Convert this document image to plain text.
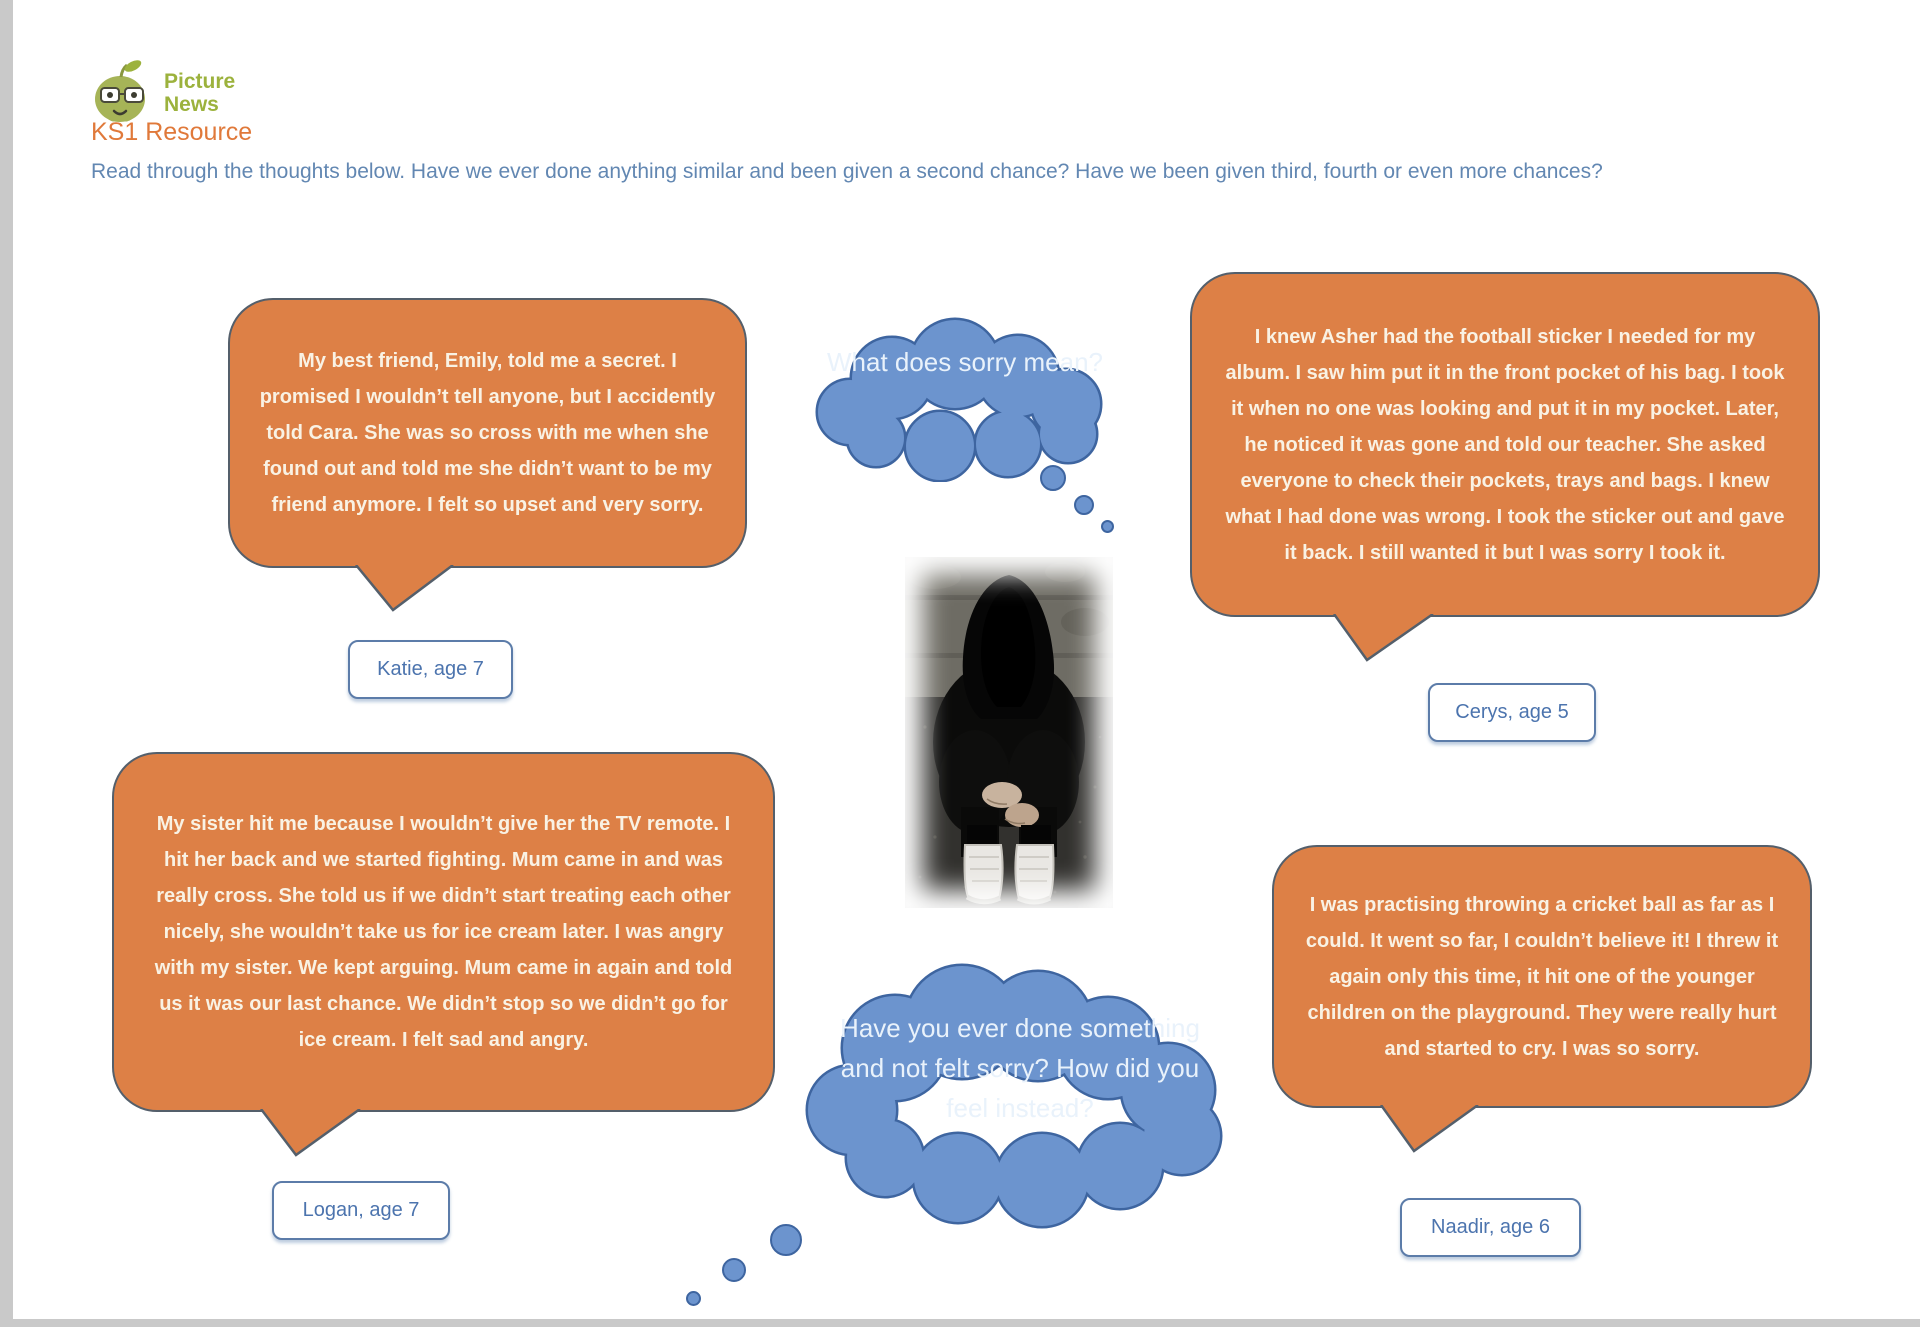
Picture
News
KS1 Resource
Read through the thoughts below. Have we ever done anything similar and been given a second chance? Have we been given third, fourth or even more chances?
My best friend, Emily, told me a secret. I promised I wouldn’t tell anyone, but I accidently told Cara. She was so cross with me when she found out and told me she didn’t want to be my friend anymore. I felt so upset and very sorry.
Katie, age 7
I knew Asher had the football sticker I needed for my album. I saw him put it in the front pocket of his bag. I took it when no one was looking and put it in my pocket. Later, he noticed it was gone and told our teacher. She asked everyone to check their pockets, trays and bags. I knew what I had done was wrong. I took the sticker out and gave it back. I still wanted it but I was sorry I took it.
Cerys, age 5
My sister hit me because I wouldn’t give her the TV remote. I hit her back and we started fighting. Mum came in and was really cross. She told us if we didn’t start treating each other nicely, she wouldn’t take us for ice cream later. I was angry with my sister. We kept arguing. Mum came in again and told us it was our last chance. We didn’t stop so we didn’t go for ice cream. I felt sad and angry.
Logan, age 7
I was practising throwing a cricket ball as far as I could. It went so far, I couldn’t believe it! I threw it again only this time, it hit one of the younger children on the playground. They were really hurt and started to cry. I was so sorry.
Naadir, age 6
What does sorry mean?
Have you ever done something and not felt sorry? How did you feel instead?
